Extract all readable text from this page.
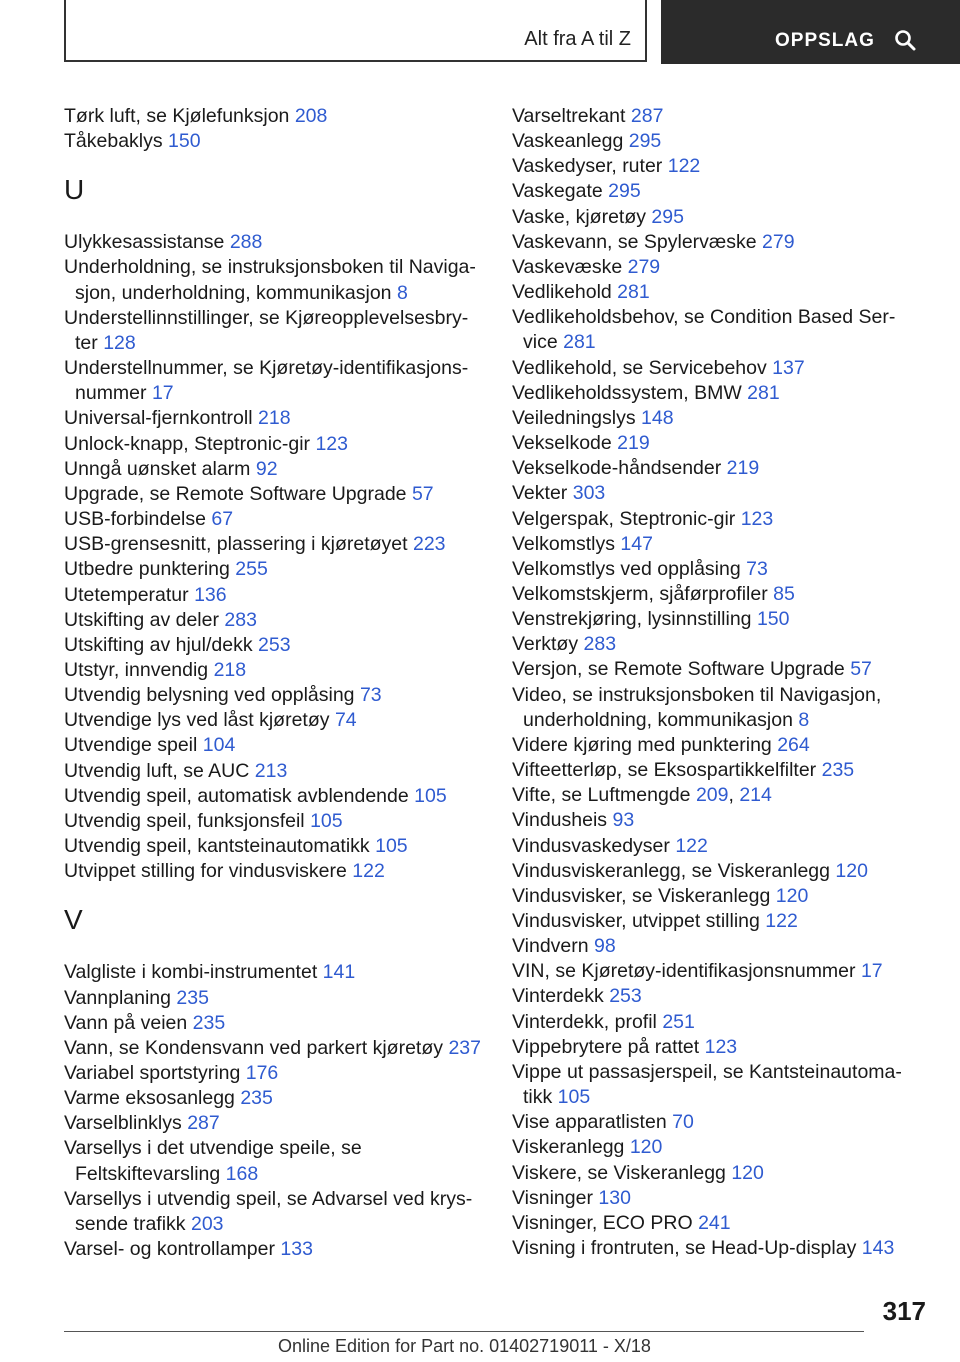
Alt fra A til Z	OPPSLAG
Tørk luft, se Kjølefunksjon 208
Tåkebaklys 150
U
Ulykkesassistanse 288
Underholdning, se instruksjonsboken til Navigasjon, underholdning, kommunikasjon 8
Understellinnstillinger, se Kjøreopplevelsesbryter 128
Understellnummer, se Kjøretøy-identifikasjonsnummer 17
Universal-fjernkontroll 218
Unlock-knapp, Steptronic-gir 123
Unngå uønsket alarm 92
Upgrade, se Remote Software Upgrade 57
USB-forbindelse 67
USB-grensesnitt, plassering i kjøretøyet 223
Utbedre punktering 255
Utetemperatur 136
Utskifting av deler 283
Utskifting av hjul/dekk 253
Utstyr, innvendig 218
Utvendig belysning ved opplåsing 73
Utvendige lys ved låst kjøretøy 74
Utvendige speil 104
Utvendig luft, se AUC 213
Utvendig speil, automatisk avblendende 105
Utvendig speil, funksjonsfeil 105
Utvendig speil, kantsteinautomatikk 105
Utvippet stilling for vindusviskere 122
V
Valgliste i kombi-instrumentet 141
Vannplaning 235
Vann på veien 235
Vann, se Kondensvann ved parkert kjøretøy 237
Variabel sportstyring 176
Varme eksosanlegg 235
Varselblinklys 287
Varsellys i det utvendige speile, se Feltskiftevarsling 168
Varsellys i utvendig speil, se Advarsel ved kryssende trafikk 203
Varsel- og kontrollamper 133
Varseltrekant 287
Vaskeanlegg 295
Vaskedyser, ruter 122
Vaskegate 295
Vaske, kjøretøy 295
Vaskevann, se Spylervæske 279
Vaskevæske 279
Vedlikehold 281
Vedlikeholdsbehov, se Condition Based Service 281
Vedlikehold, se Servicebehov 137
Vedlikeholdssystem, BMW 281
Veiledningslys 148
Vekselkode 219
Vekselkode-håndsender 219
Vekter 303
Velgerspak, Steptronic-gir 123
Velkomstlys 147
Velkomstlys ved opplåsing 73
Velkomstskjerm, sjåførprofiler 85
Venstrekjøring, lysinnstilling 150
Verktøy 283
Versjon, se Remote Software Upgrade 57
Video, se instruksjonsboken til Navigasjon, underholdning, kommunikasjon 8
Videre kjøring med punktering 264
Vifteetterløp, se Eksospartikkelfilter 235
Vifte, se Luftmengde 209, 214
Vindusheis 93
Vindusvaskedyser 122
Vindusviskeranlegg, se Viskeranlegg 120
Vindusvisker, se Viskeranlegg 120
Vindusvisker, utvippet stilling 122
Vindvern 98
VIN, se Kjøretøy-identifikasjonsnummer 17
Vinterdekk 253
Vinterdekk, profil 251
Vippebrytere på rattet 123
Vippe ut passasjerspeil, se Kantsteinautomatikk 105
Vise apparatlisten 70
Viskeranlegg 120
Viskere, se Viskeranlegg 120
Visninger 130
Visninger, ECO PRO 241
Visning i frontruten, se Head-Up-display 143
317
Online Edition for Part no. 01402719011 - X/18
